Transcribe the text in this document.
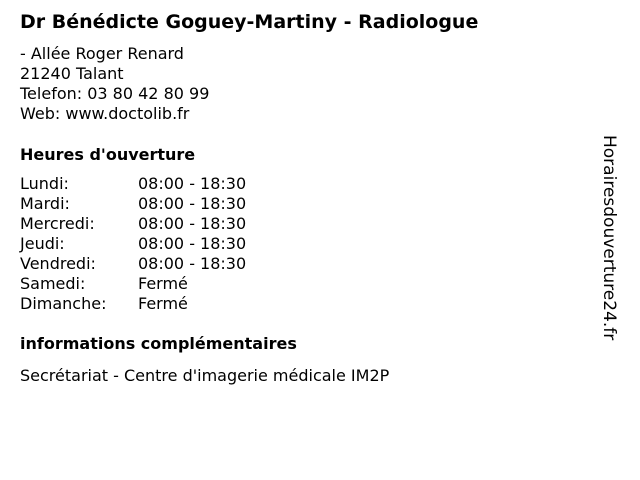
Dr Bénédicte Goguey-Martiny - Radiologue
- Allée Roger Renard
21240 Talant
Telefon: 03 80 42 80 99
Web: www.doctolib.fr
Heures d'ouverture
Lundi:	08:00 - 18:30
Mardi:	08:00 - 18:30
Mercredi:	08:00 - 18:30
Jeudi:	08:00 - 18:30
Vendredi:	08:00 - 18:30
Samedi:	Fermé
Dimanche:	Fermé
informations complémentaires
Secrétariat - Centre d'imagerie médicale IM2P
Horairesdouverture24.fr
